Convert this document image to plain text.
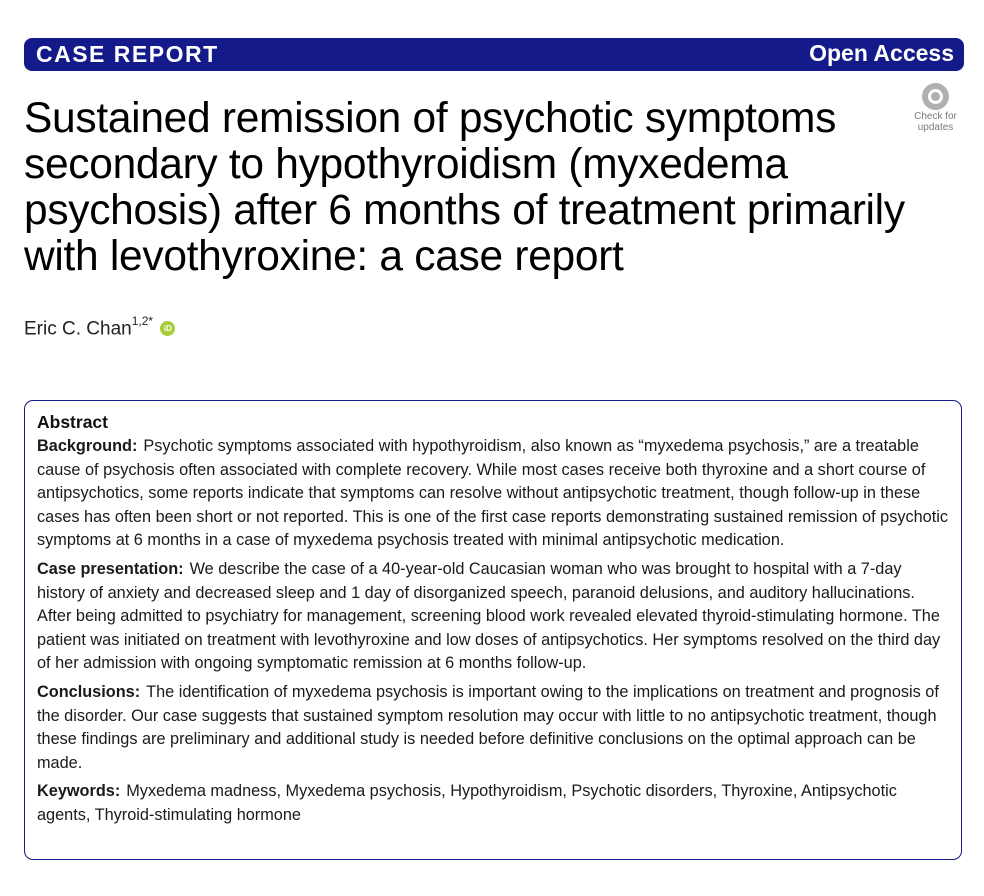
CASE REPORT	Open Access
Check for
updates
Sustained remission of psychotic symptoms secondary to hypothyroidism (myxedema psychosis) after 6 months of treatment primarily with levothyroxine: a case report
Eric C. Chan$^{1,2*}$ iD
Abstract

Background: Psychotic symptoms associated with hypothyroidism, also known as “myxedema psychosis,” are a treatable cause of psychosis often associated with complete recovery. While most cases receive both thyroxine and a short course of antipsychotics, some reports indicate that symptoms can resolve without antipsychotic treatment, though follow-up in these cases has often been short or not reported. This is one of the first case reports demonstrating sustained remission of psychotic symptoms at 6 months in a case of myxedema psychosis treated with minimal antipsychotic medication.

Case presentation: We describe the case of a 40-year-old Caucasian woman who was brought to hospital with a 7-day history of anxiety and decreased sleep and 1 day of disorganized speech, paranoid delusions, and auditory hallucinations. After being admitted to psychiatry for management, screening blood work revealed elevated thyroid-stimulating hormone. The patient was initiated on treatment with levothyroxine and low doses of antipsychotics. Her symptoms resolved on the third day of her admission with ongoing symptomatic remission at 6 months follow-up.

Conclusions: The identification of myxedema psychosis is important owing to the implications on treatment and prognosis of the disorder. Our case suggests that sustained symptom resolution may occur with little to no antipsychotic treatment, though these findings are preliminary and additional study is needed before definitive conclusions on the optimal approach can be made.

Keywords: Myxedema madness, Myxedema psychosis, Hypothyroidism, Psychotic disorders, Thyroxine, Antipsychotic agents, Thyroid-stimulating hormone
